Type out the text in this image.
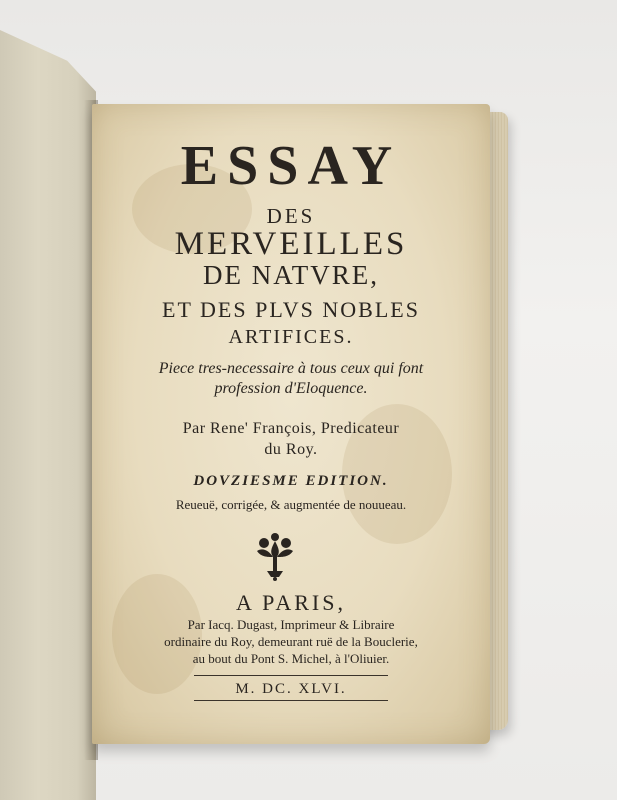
ESSAY
DES
MERVEILLES
DE NATVRE,
ET DES PLVS NOBLES
ARTIFICES.
Piece tres-necessaire à tous ceux qui font
profession d'Eloquence.
Par Rene' François, Predicateur
du Roy.
DOVZIESME EDITION.
Reueuë, corrigée, & augmentée de nouueau.
A PARIS,
Par Iacq. Dugast, Imprimeur & Libraire
ordinaire du Roy, demeurant ruë de la Bouclerie,
au bout du Pont S. Michel, à l'Oliuier.
M. DC. XLVI.
